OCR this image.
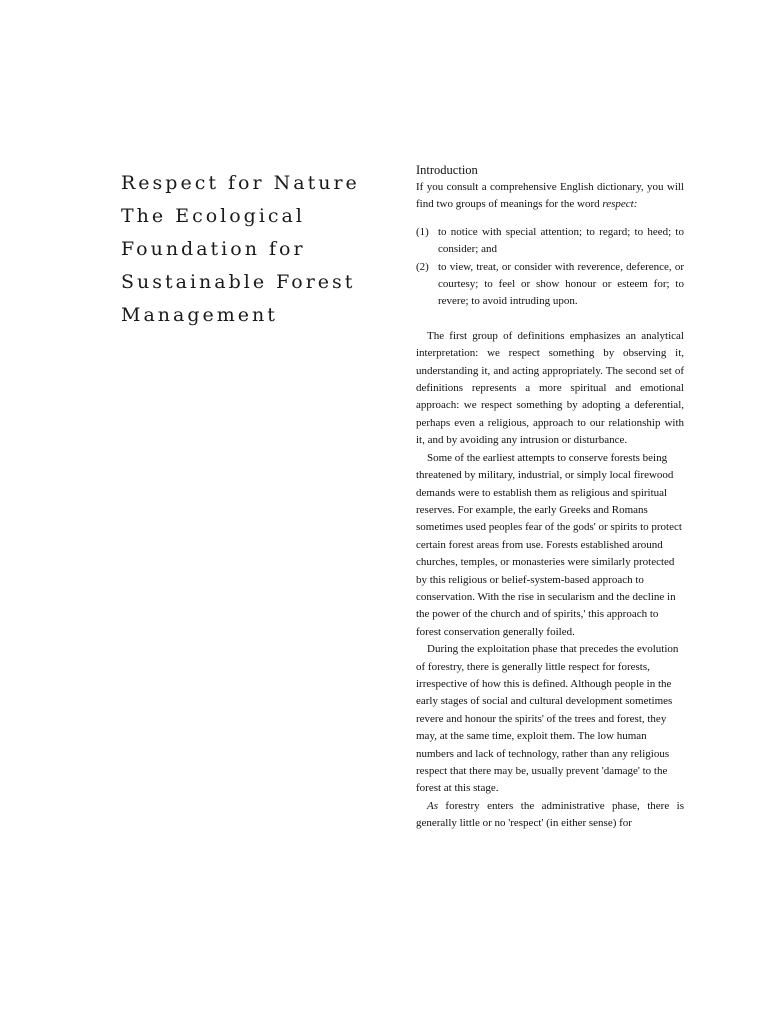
Respect for Nature
The Ecological
Foundation for
Sustainable Forest
Management

Introduction

If you consult a comprehensive English dictionary, you will find two groups of meanings for the word respect:

(1) to notice with special attention; to regard; to heed; to consider; and
(2) to view, treat, or consider with reverence, deference, or courtesy; to feel or show honour or esteem for; to revere; to avoid intruding upon.

The first group of definitions emphasizes an analytical interpretation: we respect something by observing it, understanding it, and acting appropriately. The second set of definitions represents a more spiritual and emotional approach: we respect something by adopting a deferential, perhaps even a religious, approach to our relationship with it, and by avoiding any intrusion or disturbance.

Some of the earliest attempts to conserve forests being threatened by military, industrial, or simply local firewood demands were to establish them as religious and spiritual reserves. For example, the early Greeks and Romans sometimes used peoples fear of the gods' or spirits to protect certain forest areas from use. Forests established around churches, temples, or monasteries were similarly protected by this religious or belief-system-based approach to conservation. With the rise in secularism and the decline in the power of the church and of spirits,' this approach to forest conservation generally foiled.

During the exploitation phase that precedes the evolution of forestry, there is generally little respect for forests, irrespective of how this is defined. Although people in the early stages of social and cultural development sometimes revere and honour the spirits' of the trees and forest, they may, at the same time, exploit them. The low human numbers and lack of technology, rather than any religious respect that there may be, usually prevent 'damage' to the forest at this stage.

As forestry enters the administrative phase, there is generally little or no 'respect' (in either sense) for
